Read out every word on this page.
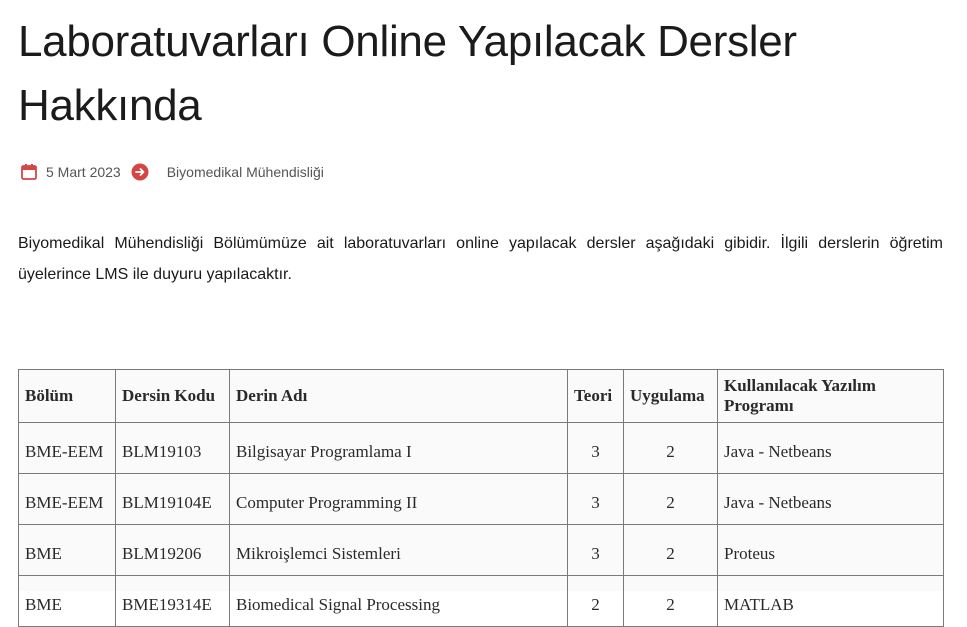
Laboratuvarları Online Yapılacak Dersler Hakkında
5 Mart 2023	Biyomedikal Mühendisliği

Biyomedikal Mühendisliği Bölümümüze ait laboratuvarları online yapılacak dersler aşağıdaki gibidir. İlgili derslerin öğretim üyelerince LMS ile duyuru yapılacaktır.

Bölüm	Dersin Kodu	Derin Adı	Teori	Uygulama	Kullanılacak Yazılım Programı
BME-EEM	BLM19103	Bilgisayar Programlama I	3	2	Java - Netbeans
BME-EEM	BLM19104E	Computer Programming II	3	2	Java - Netbeans
BME	BLM19206	Mikroişlemci Sistemleri	3	2	Proteus
BME	BME19314E	Biomedical Signal Processing	2	2	MATLAB
